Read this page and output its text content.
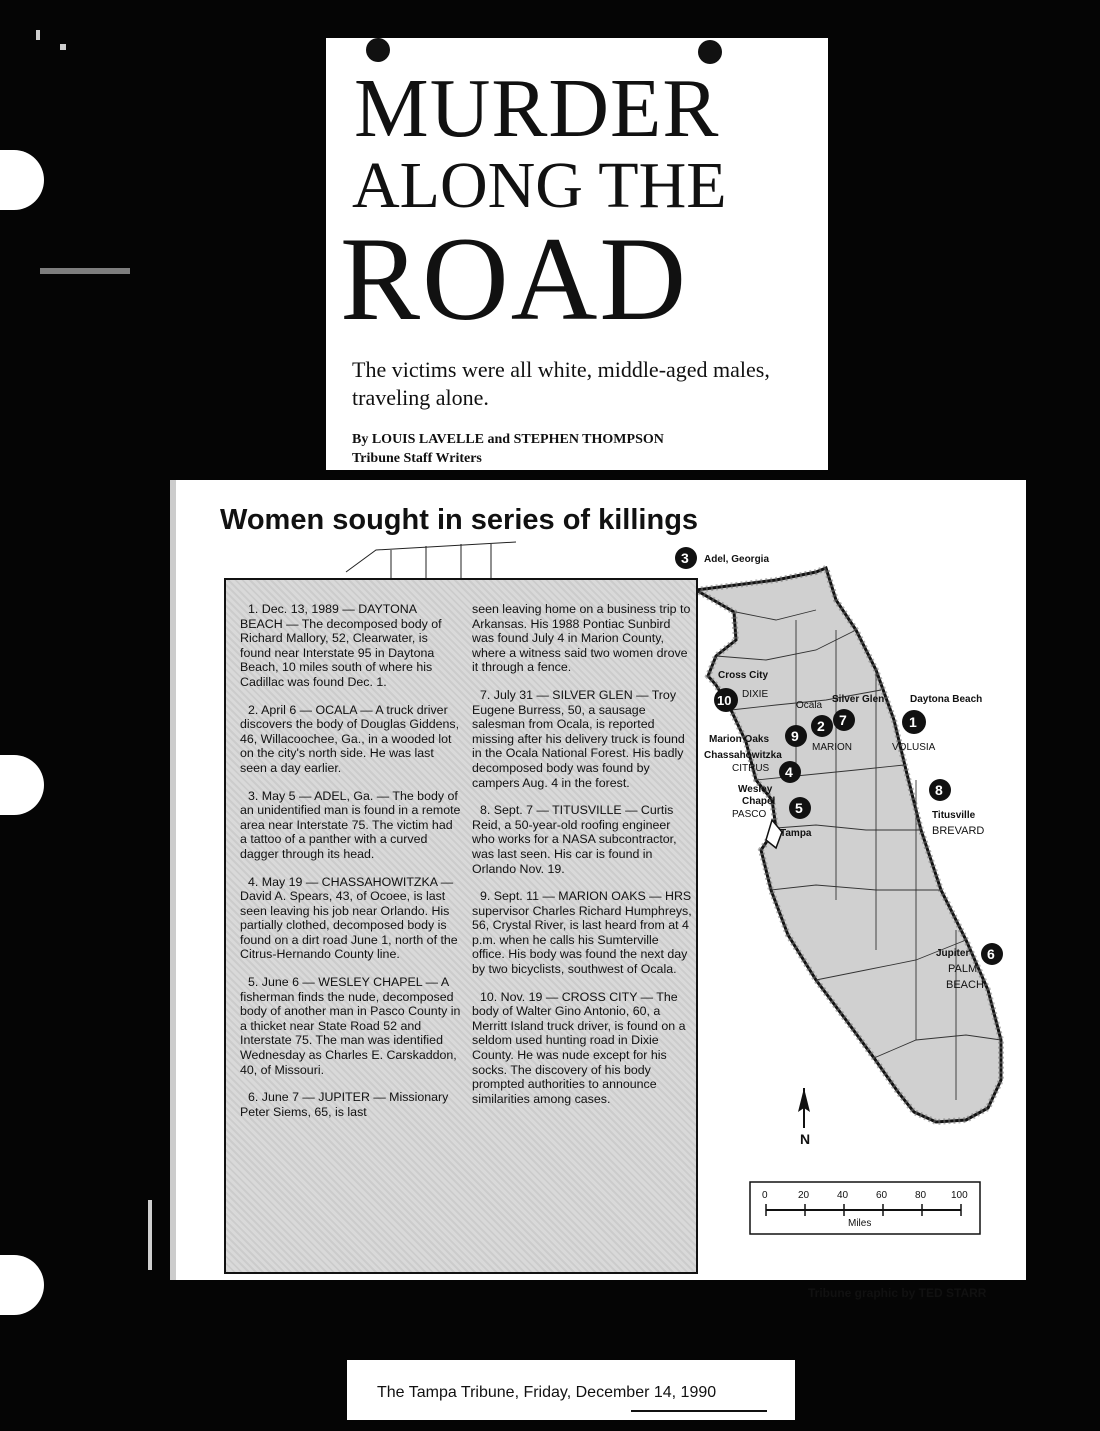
MURDER
ALONG THE
ROAD
The victims were all white, middle-aged males, traveling alone.
By LOUIS LAVELLE and STEPHEN THOMPSON
Tribune Staff Writers
Women sought in series of killings
0	20	40	60	80 100
Miles
N
3 Adel, Georgia
10
Cross City
DIXIE
2
Ocala
MARION
7
Silver Glen
9
Marion Oaks
1
Daytona Beach
VOLUSIA
4
Chassahowitzka
CITRUS
5
Wesley
Chapel
PASCO
Tampa
8
Titusville
BREVARD
6
Jupiter
PALM
BEACH

1. Dec. 13, 1989 — DAYTONA BEACH — The decomposed body of Richard Mallory, 52, Clearwater, is found near Interstate 95 in Daytona Beach, 10 miles south of where his Cadillac was found Dec. 1.

2. April 6 — OCALA — A truck driver discovers the body of Douglas Giddens, 46, Willacoochee, Ga., in a wooded lot on the city's north side. He was last seen a day earlier.

3. May 5 — ADEL, Ga. — The body of an unidentified man is found in a remote area near Interstate 75. The victim had a tattoo of a panther with a curved dagger through its head.

4. May 19 — CHASSAHOWITZKA — David A. Spears, 43, of Ocoee, is last seen leaving his job near Orlando. His partially clothed, decomposed body is found on a dirt road June 1, north of the Citrus-Hernando County line.

5. June 6 — WESLEY CHAPEL — A fisherman finds the nude, decomposed body of another man in Pasco County in a thicket near State Road 52 and Interstate 75. The man was identified Wednesday as Charles E. Carskaddon, 40, of Missouri.

6. June 7 — JUPITER — Missionary Peter Siems, 65, is last

seen leaving home on a business trip to Arkansas. His 1988 Pontiac Sunbird was found July 4 in Marion County, where a witness said two women drove it through a fence.

7. July 31 — SILVER GLEN — Troy Eugene Burress, 50, a sausage salesman from Ocala, is reported missing after his delivery truck is found in the Ocala National Forest. His badly decomposed body was found by campers Aug. 4 in the forest.

8. Sept. 7 — TITUSVILLE — Curtis Reid, a 50-year-old roofing engineer who works for a NASA subcontractor, was last seen. His car is found in Orlando Nov. 19.

9. Sept. 11 — MARION OAKS — HRS supervisor Charles Richard Humphreys, 56, Crystal River, is last heard from at 4 p.m. when he calls his Sumterville office. His body was found the next day by two bicyclists, southwest of Ocala.

10. Nov. 19 — CROSS CITY — The body of Walter Gino Antonio, 60, a Merritt Island truck driver, is found on a seldom used hunting road in Dixie County. He was nude except for his socks. The discovery of his body prompted authorities to announce similarities among cases.

Tribune graphic by TED STARR
The Tampa Tribune, Friday, December 14, 1990
